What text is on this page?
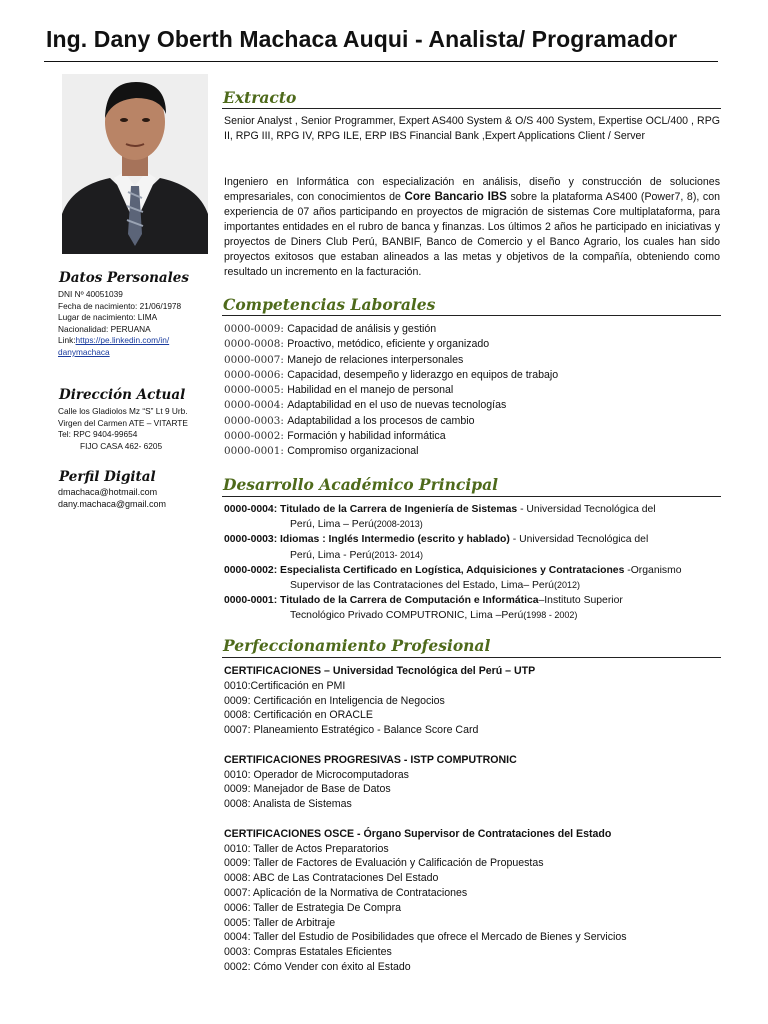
Ing. Dany Oberth Machaca Auqui - Analista/ Programador
Datos Personales
DNI Nº 40051039
Fecha de nacimiento: 21/06/1978
Lugar de nacimiento: LIMA
Nacionalidad: PERUANA
Link:https://pe.linkedin.com/in/
danymachaca
Dirección Actual
Calle los Gladiolos Mz “S” Lt 9 Urb.
Virgen del Carmen ATE – VITARTE
Tel: RPC 9404-99654
FIJO CASA 462- 6205
Perfil Digital
dmachaca@hotmail.com
dany.machaca@gmail.com
Extracto
Senior Analyst , Senior Programmer, Expert AS400 System & O/S 400 System, Expertise OCL/400 , RPG II, RPG III, RPG IV, RPG ILE, ERP IBS Financial Bank ,Expert Applications Client / Server
Ingeniero en Informática con especialización en análisis, diseño y construcción de soluciones empresariales, con conocimientos de Core Bancario IBS sobre la plataforma AS400 (Power7, 8), con experiencia de 07 años participando en proyectos de migración de sistemas Core multiplataforma, para importantes entidades en el rubro de banca y finanzas. Los últimos 2 años he participado en iniciativas y proyectos de Diners Club Perú, BANBIF, Banco de Comercio y el Banco Agrario, los cuales han sido proyectos exitosos que estaban alineados a las metas y objetivos de la compañía, obteniendo como resultado un incremento en la facturación.
Competencias Laborales
0000-0009: Capacidad de análisis y gestión
0000-0008: Proactivo, metódico, eficiente y organizado
0000-0007: Manejo de relaciones interpersonales
0000-0006: Capacidad, desempeño y liderazgo en equipos de trabajo
0000-0005: Habilidad en el manejo de personal
0000-0004: Adaptabilidad en el uso de nuevas tecnologías
0000-0003: Adaptabilidad a los procesos de cambio
0000-0002: Formación y habilidad informática
0000-0001: Compromiso organizacional
Desarrollo Académico Principal
0000-0004: Titulado de la Carrera de Ingeniería de Sistemas - Universidad Tecnológica del
Perú, Lima – Perú(2008-2013)
0000-0003: Idiomas : Inglés Intermedio (escrito y hablado) - Universidad Tecnológica del
Perú, Lima - Perú(2013- 2014)
0000-0002: Especialista Certificado en Logística, Adquisiciones y Contrataciones -Organismo
Supervisor de las Contrataciones del Estado, Lima– Perú(2012)
0000-0001: Titulado de la Carrera de Computación e Informática–Instituto Superior
Tecnológico Privado COMPUTRONIC, Lima –Perú(1998 - 2002)
Perfeccionamiento Profesional
CERTIFICACIONES – Universidad Tecnológica del Perú – UTP
0010:Certificación en PMI
0009: Certificación en Inteligencia de Negocios
0008: Certificación en ORACLE
0007: Planeamiento Estratégico - Balance Score Card
CERTIFICACIONES PROGRESIVAS - ISTP COMPUTRONIC
0010: Operador de Microcomputadoras
0009: Manejador de Base de Datos
0008: Analista de Sistemas
CERTIFICACIONES OSCE - Órgano Supervisor de Contrataciones del Estado
0010: Taller de Actos Preparatorios
0009: Taller de Factores de Evaluación y Calificación de Propuestas
0008: ABC de Las Contrataciones Del Estado
0007: Aplicación de la Normativa de Contrataciones
0006: Taller de Estrategia De Compra
0005: Taller de Arbitraje
0004: Taller del Estudio de Posibilidades que ofrece el Mercado de Bienes y Servicios
0003: Compras Estatales Eficientes
0002: Cómo Vender con éxito al Estado
